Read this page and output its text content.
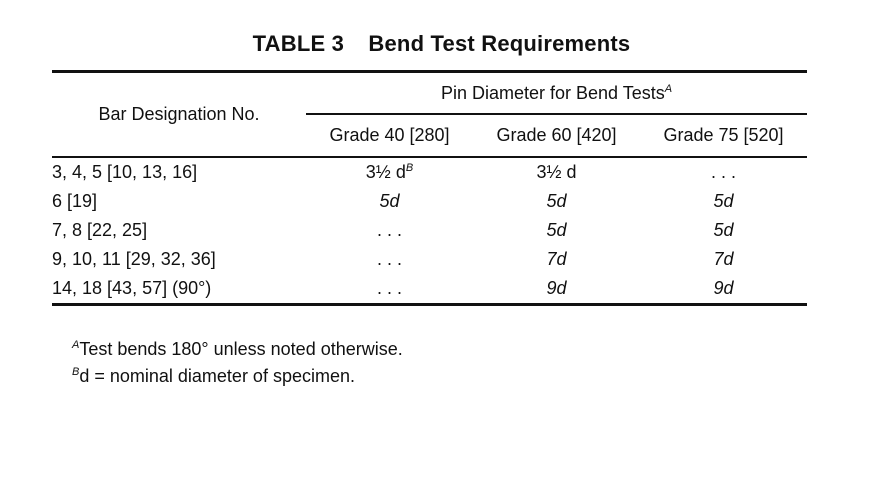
TABLE 3 Bend Test Requirements
Bar Designation No.	Pin Diameter for Bend Tests$^A$
	Grade 40 [280]	Grade 60 [420]	Grade 75 [520]

3, 4, 5 [10, 13, 16]	3½ $d^B$	3½ d	. . .
6 [19]	5d	5d	5d
7, 8 [22, 25]	. . .	5d	5d
9, 10, 11 [29, 32, 36]	. . .	7d	7d
14, 18 [43, 57] (90°)	. . .	9d	9d

$^A$Test bends 180° unless noted otherwise.
$^B$d = nominal diameter of specimen.
